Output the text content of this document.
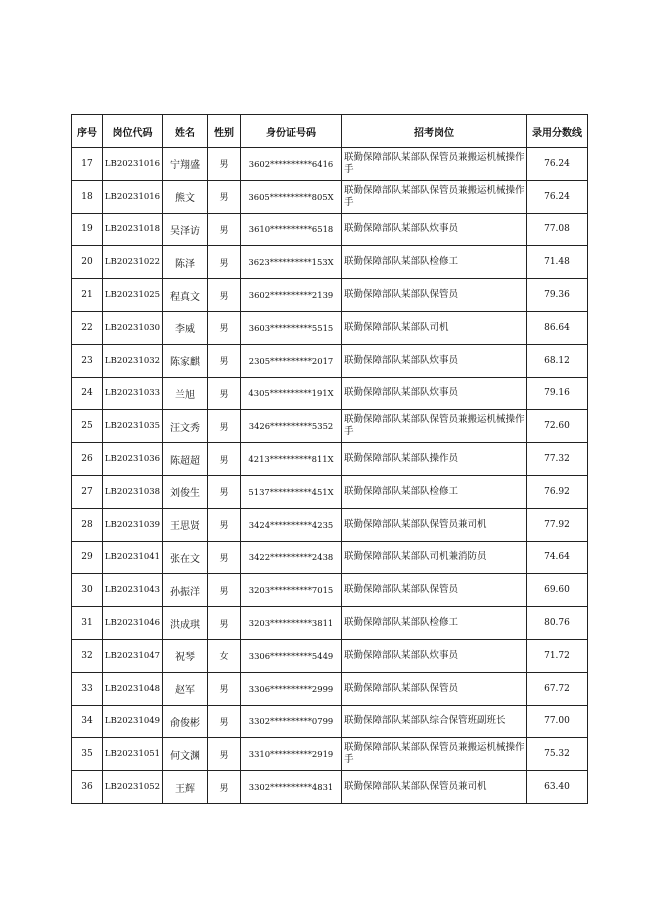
序号	岗位代码	姓名	性别	身份证号码	招考岗位	录用分数线
17	LB20231016	宁翔盛	男	3602**********6416	联勤保障部队某部队保管员兼搬运机械操作手	76.24
18	LB20231016	熊文	男	3605**********805X	联勤保障部队某部队保管员兼搬运机械操作手	76.24
19	LB20231018	吴泽访	男	3610**********6518	联勤保障部队某部队炊事员	77.08
20	LB20231022	陈泽	男	3623**********153X	联勤保障部队某部队检修工	71.48
21	LB20231025	程真文	男	3602**********2139	联勤保障部队某部队保管员	79.36
22	LB20231030	李威	男	3603**********5515	联勤保障部队某部队司机	86.64
23	LB20231032	陈家麒	男	2305**********2017	联勤保障部队某部队炊事员	68.12
24	LB20231033	兰旭	男	4305**********191X	联勤保障部队某部队炊事员	79.16
25	LB20231035	汪文秀	男	3426**********5352	联勤保障部队某部队保管员兼搬运机械操作手	72.60
26	LB20231036	陈超超	男	4213**********811X	联勤保障部队某部队操作员	77.32
27	LB20231038	刘俊生	男	5137**********451X	联勤保障部队某部队检修工	76.92
28	LB20231039	王思贤	男	3424**********4235	联勤保障部队某部队保管员兼司机	77.92
29	LB20231041	张在文	男	3422**********2438	联勤保障部队某部队司机兼消防员	74.64
30	LB20231043	孙振洋	男	3203**********7015	联勤保障部队某部队保管员	69.60
31	LB20231046	洪成琪	男	3203**********3811	联勤保障部队某部队检修工	80.76
32	LB20231047	祝琴	女	3306**********5449	联勤保障部队某部队炊事员	71.72
33	LB20231048	赵军	男	3306**********2999	联勤保障部队某部队保管员	67.72
34	LB20231049	俞俊彬	男	3302**********0799	联勤保障部队某部队综合保管班副班长	77.00
35	LB20231051	何文渊	男	3310**********2919	联勤保障部队某部队保管员兼搬运机械操作手	75.32
36	LB20231052	王辉	男	3302**********4831	联勤保障部队某部队保管员兼司机	63.40
